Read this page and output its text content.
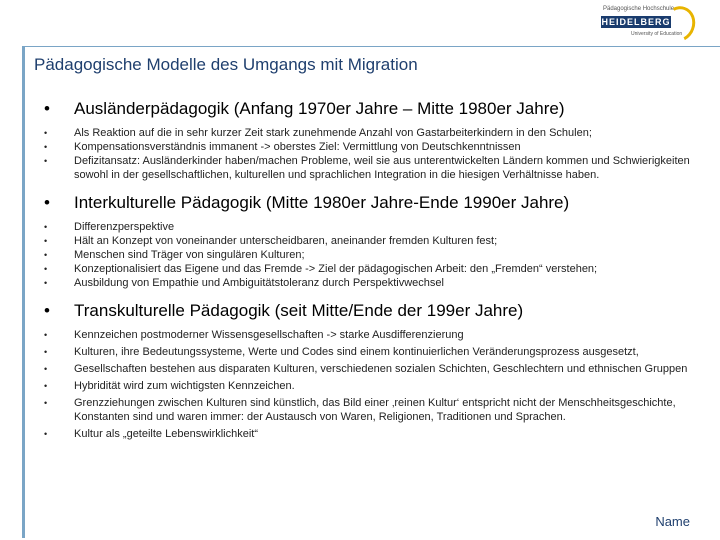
Pädagogische Hochschule
HEIDELBERG
University of Education
Pädagogische Modelle des Umgangs mit Migration
• Ausländerpädagogik (Anfang 1970er Jahre – Mitte 1980er Jahre)
• Als Reaktion auf die in sehr kurzer Zeit stark zunehmende Anzahl von Gastarbeiterkindern in den Schulen;
• Kompensationsverständnis immanent -> oberstes Ziel: Vermittlung von Deutschkenntnissen
• Defizitansatz: Ausländerkinder haben/machen Probleme, weil sie aus unterentwickelten Ländern kommen und Schwierigkeiten sowohl in der gesellschaftlichen, kulturellen und sprachlichen Integration in die hiesigen Verhältnisse haben.
• Interkulturelle Pädagogik (Mitte 1980er Jahre-Ende 1990er Jahre)
• Differenzperspektive
• Hält an Konzept von voneinander unterscheidbaren, aneinander fremden Kulturen fest;
• Menschen sind Träger von singulären Kulturen;
• Konzeptionalisiert das Eigene und das Fremde -> Ziel der pädagogischen Arbeit: den „Fremden“ verstehen;
• Ausbildung von Empathie und Ambiguitätstoleranz durch Perspektivwechsel
• Transkulturelle Pädagogik (seit Mitte/Ende der 199er Jahre)
• Kennzeichen postmoderner Wissensgesellschaften -> starke Ausdifferenzierung
• Kulturen, ihre Bedeutungssysteme, Werte und Codes sind einem kontinuierlichen Veränderungsprozess ausgesetzt,
• Gesellschaften bestehen aus disparaten Kulturen, verschiedenen sozialen Schichten, Geschlechtern und ethnischen Gruppen
• Hybridität wird zum wichtigsten Kennzeichen.
• Grenzziehungen zwischen Kulturen sind künstlich, das Bild einer ‚reinen Kultur‘ entspricht nicht der Menschheitsgeschichte, Konstanten sind und waren immer: der Austausch von Waren, Religionen, Traditionen und Sprachen.
• Kultur als „geteilte Lebenswirklichkeit“
Name
